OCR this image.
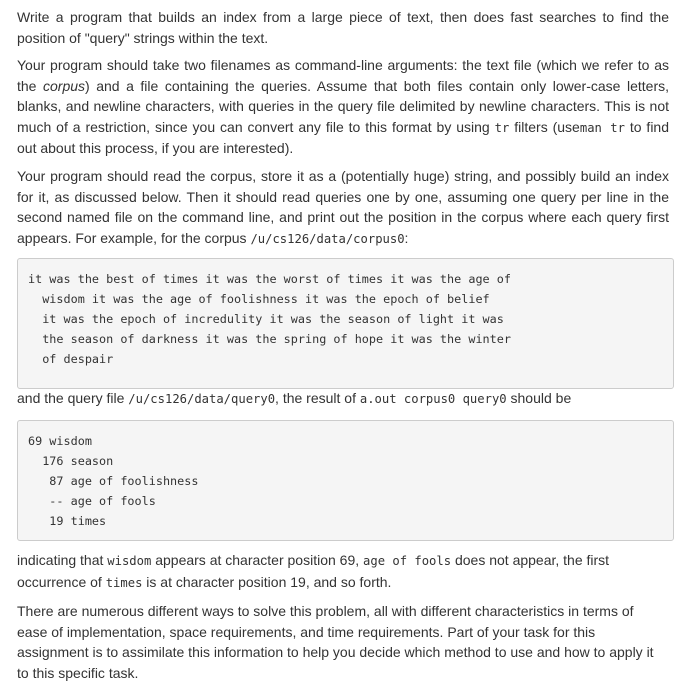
Write a program that builds an index from a large piece of text, then does fast searches to find the position of "query" strings within the text.

Your program should take two filenames as command-line arguments: the text file (which we refer to as the corpus) and a file containing the queries. Assume that both files contain only lower-case letters, blanks, and newline characters, with queries in the query file delimited by newline characters. This is not much of a restriction, since you can convert any file to this format by using tr filters (useman tr to find out about this process, if you are interested).

Your program should read the corpus, store it as a (potentially huge) string, and possibly build an index for it, as discussed below. Then it should read queries one by one, assuming one query per line in the second named file on the command line, and print out the position in the corpus where each query first appears. For example, for the corpus /u/cs126/data/corpus0:

it was the best of times it was the worst of times it was the age of
wisdom it was the age of foolishness it was the epoch of belief
it was the epoch of incredulity it was the season of light it was
the season of darkness it was the spring of hope it was the winter
of despair

and the query file /u/cs126/data/query0, the result of a.out corpus0 query0 should be

69 wisdom
176 season
87 age of foolishness
-- age of fools
19 times

indicating that wisdom appears at character position 69, age of fools does not appear, the first occurrence of times is at character position 19, and so forth.

There are numerous different ways to solve this problem, all with different characteristics in terms of ease of implementation, space requirements, and time requirements. Part of your task for this assignment is to assimilate this information to help you decide which method to use and how to apply it to this specific task.
